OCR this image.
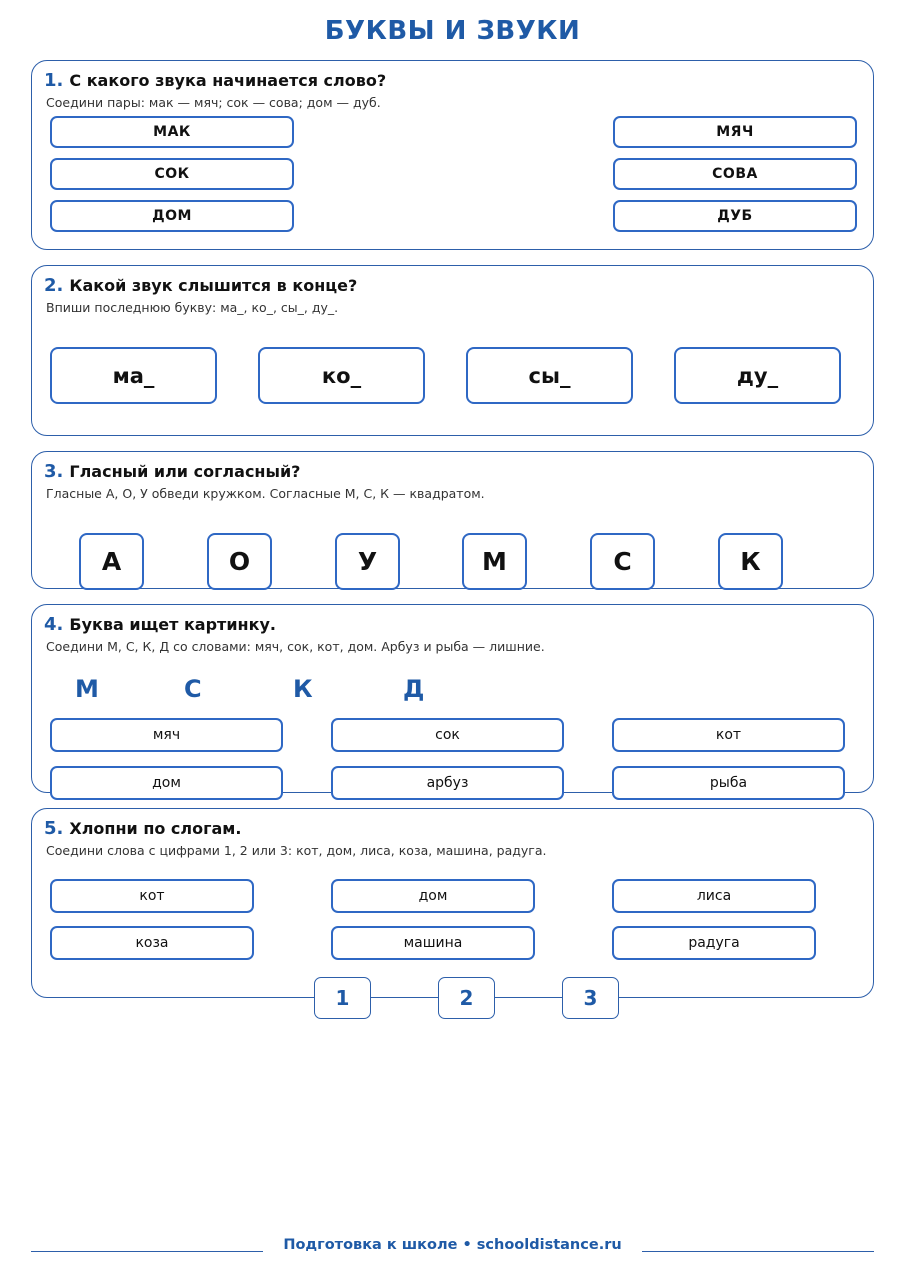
БУКВЫ И ЗВУКИ
1. С какого звука начинается слово?
Соедини пары: мак — мяч; сок — сова; дом — дуб.
МАК
СОК
ДОМ
МЯЧ
СОВА
ДУБ
2. Какой звук слышится в конце?
Впиши последнюю букву: ма_, ко_, сы_, ду_.
ма_	ко_	сы_	ду_
3. Гласный или согласный?
Гласные А, О, У обведи кружком. Согласные М, С, К — квадратом.
А	О	У	М	С	К
4. Буква ищет картинку.
Соедини М, С, К, Д со словами: мяч, сок, кот, дом. Арбуз и рыба — лишние.
М	С	К	Д
мяч	сок	кот
дом	арбуз	рыба
5. Хлопни по слогам.
Соедини слова с цифрами 1, 2 или 3: кот, дом, лиса, коза, машина, радуга.
кот	дом	лиса
коза	машина	радуга
1	2	3
Подготовка к школе • schooldistance.ru
